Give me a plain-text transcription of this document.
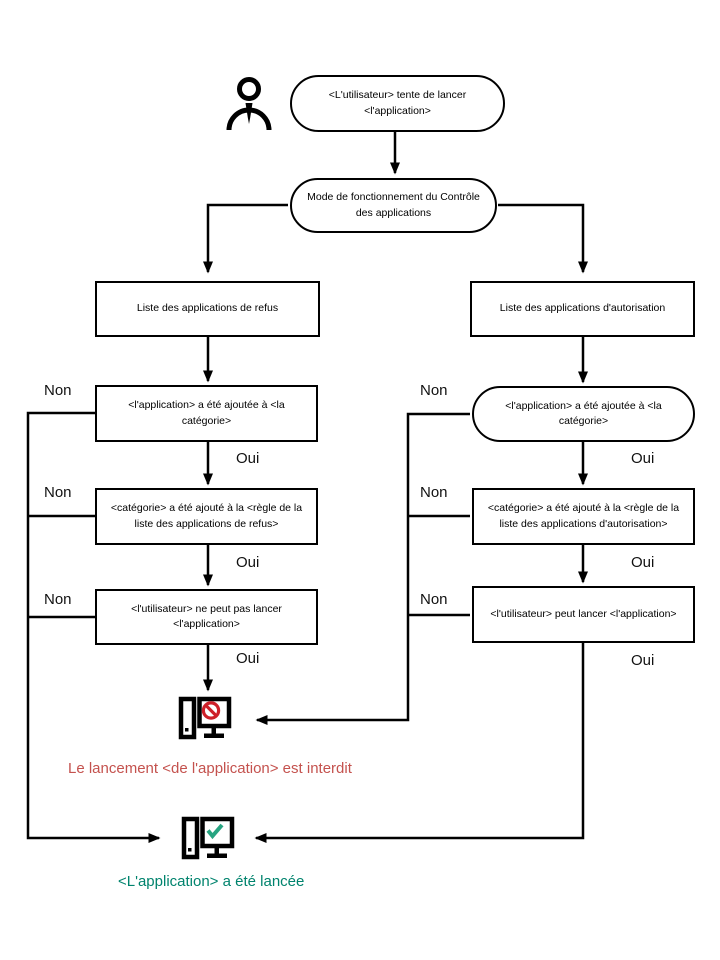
<L'utilisateur> tente de lancer <l'application>
Mode de fonctionnement du Contrôle des applications
Liste des applications de refus	Liste des applications d'autorisation
<l'application> a été ajoutée à <la catégorie>
<l'application> a été ajoutée à <la catégorie>
<catégorie> a été ajouté à la <règle de la liste des applications de refus>
<catégorie> a été ajouté à la <règle de la liste des applications d'autorisation>
<l'utilisateur> ne peut pas lancer <l'application>
<l'utilisateur> peut lancer <l'application>
Non
Non
Non
Oui
Oui
Oui
Non
Non
Non
Oui
Oui
Oui
Le lancement <de l'application> est interdit
<L'application> a été lancée
